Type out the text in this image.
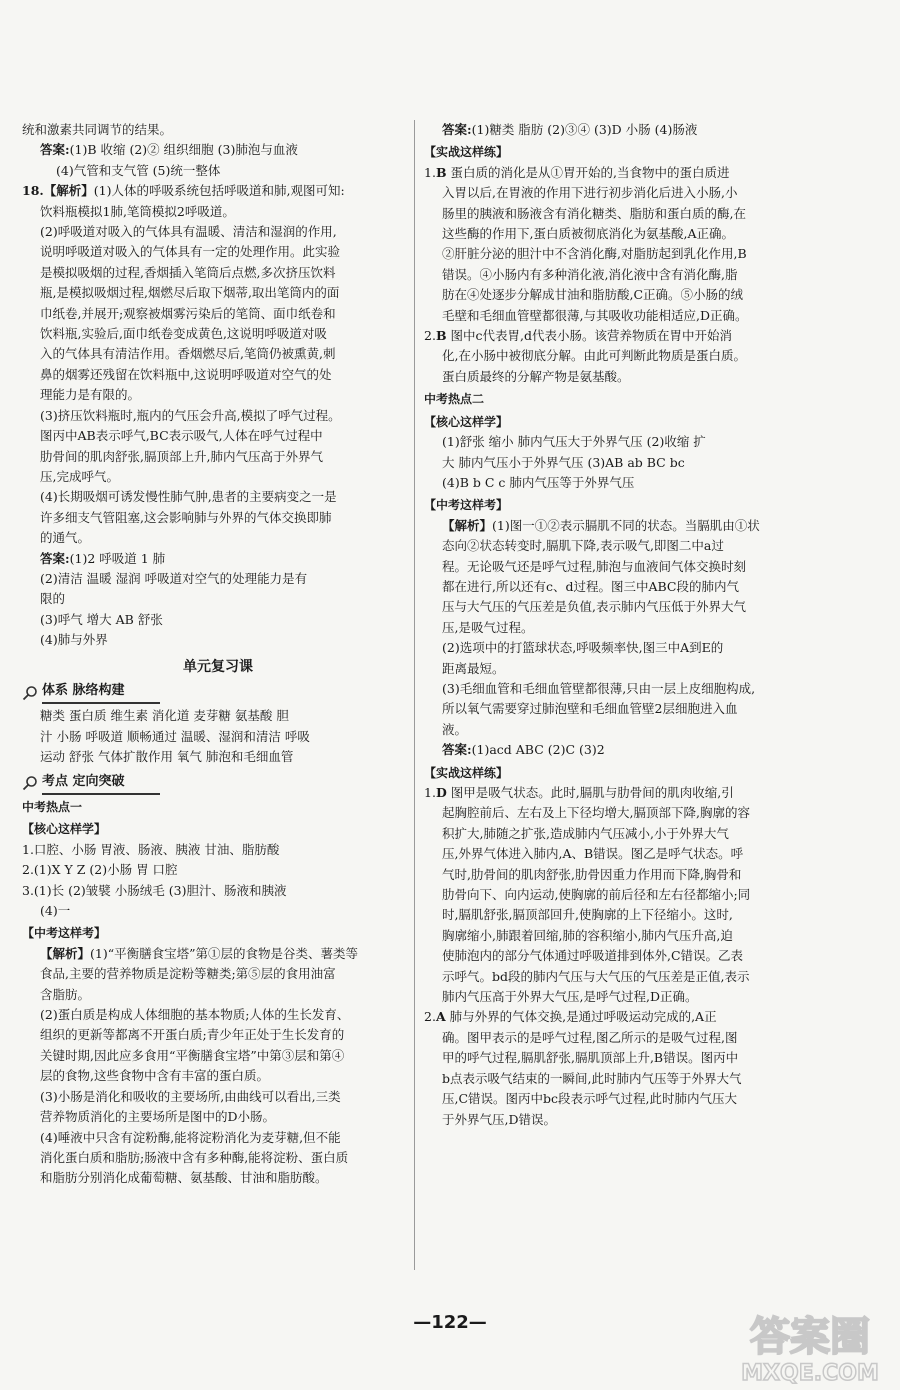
统和激素共同调节的结果。

答案:(1)B 收缩 (2)② 组织细胞 (3)肺泡与血液

(4)气管和支气管 (5)统一整体

18.【解析】(1)人体的呼吸系统包括呼吸道和肺,观图可知:

饮料瓶模拟1肺,笔筒模拟2呼吸道。

(2)呼吸道对吸入的气体具有温暖、清洁和湿润的作用,

说明呼吸道对吸入的气体具有一定的处理作用。此实验

是模拟吸烟的过程,香烟插入笔筒后点燃,多次挤压饮料

瓶,是模拟吸烟过程,烟燃尽后取下烟蒂,取出笔筒内的面

巾纸卷,并展开;观察被烟雾污染后的笔筒、面巾纸卷和

饮料瓶,实验后,面巾纸卷变成黄色,这说明呼吸道对吸

入的气体具有清洁作用。香烟燃尽后,笔筒仍被熏黄,刺

鼻的烟雾还残留在饮料瓶中,这说明呼吸道对空气的处

理能力是有限的。

(3)挤压饮料瓶时,瓶内的气压会升高,模拟了呼气过程。

图丙中AB表示呼气,BC表示吸气,人体在呼气过程中

肋骨间的肌肉舒张,膈顶部上升,肺内气压高于外界气

压,完成呼气。

(4)长期吸烟可诱发慢性肺气肿,患者的主要病变之一是

许多细支气管阻塞,这会影响肺与外界的气体交换即肺

的通气。

答案:(1)2 呼吸道 1 肺

(2)清洁 温暖 湿润 呼吸道对空气的处理能力是有

限的

(3)呼气 增大 AB 舒张

(4)肺与外界

单元复习课
体系 脉络构建

糖类 蛋白质 维生素 消化道 麦芽糖 氨基酸 胆

汁 小肠 呼吸道 顺畅通过 温暖、湿润和清洁 呼吸

运动 舒张 气体扩散作用 氧气 肺泡和毛细血管

考点 定向突破

中考热点一

【核心这样学】

1.口腔、小肠 胃液、肠液、胰液 甘油、脂肪酸

2.(1)X Y Z (2)小肠 胃 口腔

3.(1)长 (2)皱襞 小肠绒毛 (3)胆汁、肠液和胰液

(4)一

【中考这样考】

【解析】(1)“平衡膳食宝塔”第①层的食物是谷类、薯类等

食品,主要的营养物质是淀粉等糖类;第⑤层的食用油富

含脂肪。

(2)蛋白质是构成人体细胞的基本物质;人体的生长发育、

组织的更新等都离不开蛋白质;青少年正处于生长发育的

关键时期,因此应多食用“平衡膳食宝塔”中第③层和第④

层的食物,这些食物中含有丰富的蛋白质。

(3)小肠是消化和吸收的主要场所,由曲线可以看出,三类

营养物质消化的主要场所是图中的D小肠。

(4)唾液中只含有淀粉酶,能将淀粉消化为麦芽糖,但不能

消化蛋白质和脂肪;肠液中含有多种酶,能将淀粉、蛋白质

和脂肪分别消化成葡萄糖、氨基酸、甘油和脂肪酸。

答案:(1)糖类 脂肪 (2)③④ (3)D 小肠 (4)肠液

【实战这样练】

1.B 蛋白质的消化是从①胃开始的,当食物中的蛋白质进

入胃以后,在胃液的作用下进行初步消化后进入小肠,小

肠里的胰液和肠液含有消化糖类、脂肪和蛋白质的酶,在

这些酶的作用下,蛋白质被彻底消化为氨基酸,A正确。

②肝脏分泌的胆汁中不含消化酶,对脂肪起到乳化作用,B

错误。④小肠内有多种消化液,消化液中含有消化酶,脂

肪在④处逐步分解成甘油和脂肪酸,C正确。⑤小肠的绒

毛壁和毛细血管壁都很薄,与其吸收功能相适应,D正确。

2.B 图中c代表胃,d代表小肠。该营养物质在胃中开始消

化,在小肠中被彻底分解。由此可判断此物质是蛋白质。

蛋白质最终的分解产物是氨基酸。

中考热点二

【核心这样学】

(1)舒张 缩小 肺内气压大于外界气压 (2)收缩 扩

大 肺内气压小于外界气压 (3)AB ab BC bc

(4)B b C c 肺内气压等于外界气压

【中考这样考】

【解析】(1)图一①②表示膈肌不同的状态。当膈肌由①状

态向②状态转变时,膈肌下降,表示吸气,即图二中a过

程。无论吸气还是呼气过程,肺泡与血液间气体交换时刻

都在进行,所以还有c、d过程。图三中ABC段的肺内气

压与大气压的气压差是负值,表示肺内气压低于外界大气

压,是吸气过程。

(2)选项中的打篮球状态,呼吸频率快,图三中A到E的

距离最短。

(3)毛细血管和毛细血管壁都很薄,只由一层上皮细胞构成,

所以氧气需要穿过肺泡壁和毛细血管壁2层细胞进入血

液。

答案:(1)acd ABC (2)C (3)2

【实战这样练】

1.D 图甲是吸气状态。此时,膈肌与肋骨间的肌肉收缩,引

起胸腔前后、左右及上下径均增大,膈顶部下降,胸廓的容

积扩大,肺随之扩张,造成肺内气压减小,小于外界大气

压,外界气体进入肺内,A、B错误。图乙是呼气状态。呼

气时,肋骨间的肌肉舒张,肋骨因重力作用而下降,胸骨和

肋骨向下、向内运动,使胸廓的前后径和左右径都缩小;同

时,膈肌舒张,膈顶部回升,使胸廓的上下径缩小。这时,

胸廓缩小,肺跟着回缩,肺的容积缩小,肺内气压升高,迫

使肺泡内的部分气体通过呼吸道排到体外,C错误。乙表

示呼气。bd段的肺内气压与大气压的气压差是正值,表示

肺内气压高于外界大气压,是呼气过程,D正确。

2.A 肺与外界的气体交换,是通过呼吸运动完成的,A正

确。图甲表示的是呼气过程,图乙所示的是吸气过程,图

甲的呼气过程,膈肌舒张,膈肌顶部上升,B错误。图丙中

b点表示吸气结束的一瞬间,此时肺内气压等于外界大气

压,C错误。图丙中bc段表示呼气过程,此时肺内气压大

于外界气压,D错误。

—122—	答案圈
MXQE.COM
